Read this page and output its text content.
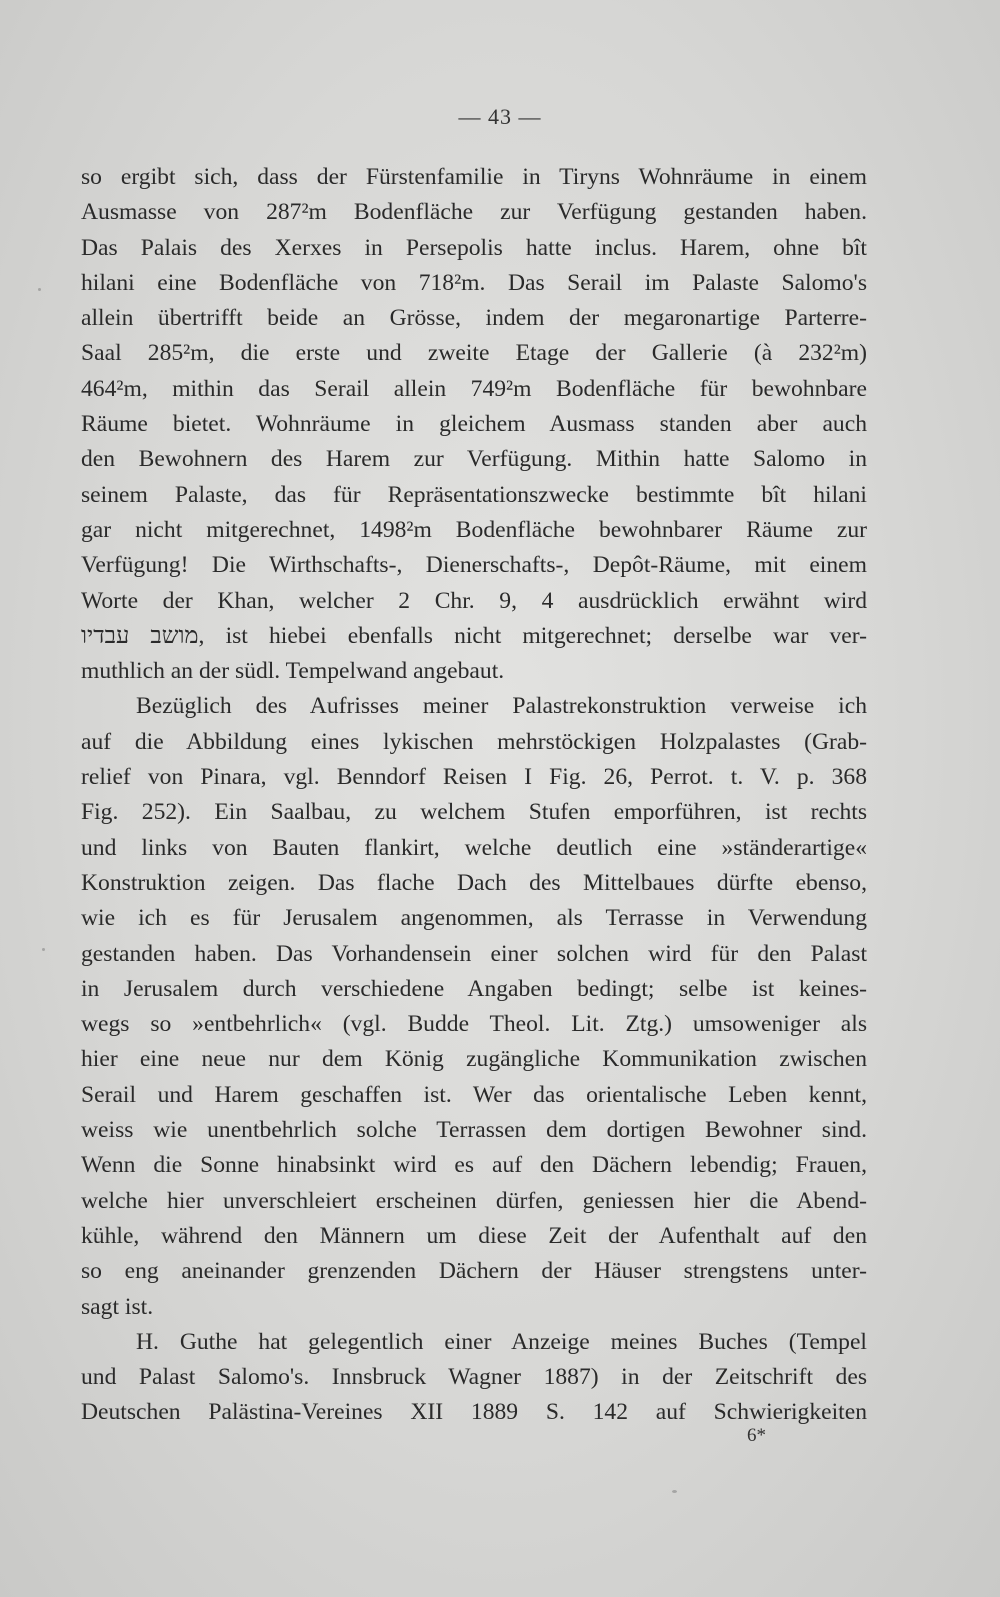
— 43 —
so ergibt sich, dass der Fürstenfamilie in Tiryns Wohnräume in einem
Ausmasse von 287²m Bodenfläche zur Verfügung gestanden haben.
Das Palais des Xerxes in Persepolis hatte inclus. Harem, ohne bît
hilani eine Bodenfläche von 718²m. Das Serail im Palaste Salomo's
allein übertrifft beide an Grösse, indem der megaronartige Parterre-
Saal 285²m, die erste und zweite Etage der Gallerie (à 232²m)
464²m, mithin das Serail allein 749²m Bodenfläche für bewohnbare
Räume bietet. Wohnräume in gleichem Ausmass standen aber auch
den Bewohnern des Harem zur Verfügung. Mithin hatte Salomo in
seinem Palaste, das für Repräsentationszwecke bestimmte bît hilani
gar nicht mitgerechnet, 1498²m Bodenfläche bewohnbarer Räume zur
Verfügung! Die Wirthschafts-, Dienerschafts-, Depôt-Räume, mit einem
Worte der Khan, welcher 2 Chr. 9, 4 ausdrücklich erwähnt wird
מושב עבדיו, ist hiebei ebenfalls nicht mitgerechnet; derselbe war ver-
muthlich an der südl. Tempelwand angebaut.
Bezüglich des Aufrisses meiner Palastrekonstruktion verweise ich
auf die Abbildung eines lykischen mehrstöckigen Holzpalastes (Grab-
relief von Pinara, vgl. Benndorf Reisen I Fig. 26, Perrot. t. V. p. 368
Fig. 252). Ein Saalbau, zu welchem Stufen emporführen, ist rechts
und links von Bauten flankirt, welche deutlich eine »ständerartige«
Konstruktion zeigen. Das flache Dach des Mittelbaues dürfte ebenso,
wie ich es für Jerusalem angenommen, als Terrasse in Verwendung
gestanden haben. Das Vorhandensein einer solchen wird für den Palast
in Jerusalem durch verschiedene Angaben bedingt; selbe ist keines-
wegs so »entbehrlich« (vgl. Budde Theol. Lit. Ztg.) umsoweniger als
hier eine neue nur dem König zugängliche Kommunikation zwischen
Serail und Harem geschaffen ist. Wer das orientalische Leben kennt,
weiss wie unentbehrlich solche Terrassen dem dortigen Bewohner sind.
Wenn die Sonne hinabsinkt wird es auf den Dächern lebendig; Frauen,
welche hier unverschleiert erscheinen dürfen, geniessen hier die Abend-
kühle, während den Männern um diese Zeit der Aufenthalt auf den
so eng aneinander grenzenden Dächern der Häuser strengstens unter-
sagt ist.
H. Guthe hat gelegentlich einer Anzeige meines Buches (Tempel
und Palast Salomo's. Innsbruck Wagner 1887) in der Zeitschrift des
Deutschen Palästina-Vereines XII 1889 S. 142 auf Schwierigkeiten
6*
